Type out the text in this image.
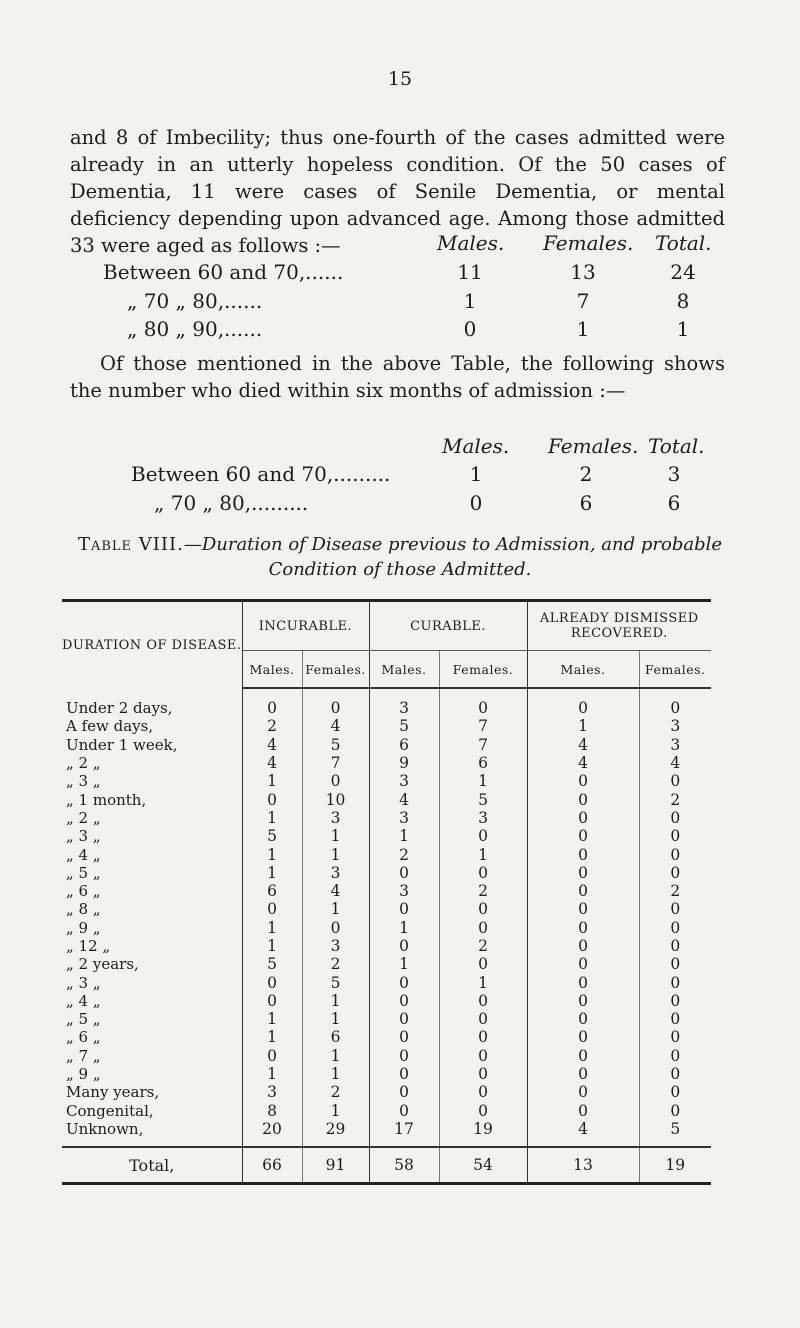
15

and 8 of Imbecility; thus one-fourth of the cases admitted were already in an utterly hopeless condition. Of the 50 cases of Dementia, 11 were cases of Senile Dementia, or mental deficiency depending upon advanced age. Among those admitted 33 were aged as follows :—	Males. Females. Total.
Between 60 and 70,......	11	13	24
„ 70 „ 80,......	1	7	8
„ 80 „ 90,......	0	1	1

Of those mentioned in the above Table, the following shows the number who died within six months of admission :—

Males. Females. Total.
Between 60 and 70,.........	1	2	3
„ 70 „ 80,.........	0	6	6
Table VIII.—Duration of Disease previous to Admission, and probable Condition of those Admitted.
DURATION OF DISEASE.	INCURABLE.		CURABLE.		ALREADY DISMISSED RECOVERED.	
	Males.	Females.	Males.	Females.	Males.	Females.
Under 2 days,	0	0	3	0	0	0
A few days,	2	4	5	7	1	3
Under 1 week,	4	5	6	7	4	3
„ 2 „	4	7	9	6	4	4
„ 3 „	1	0	3	1	0	0
„ 1 month,	0	10	4	5	0	2
„ 2 „	1	3	3	3	0	0
„ 3 „	5	1	1	0	0	0
„ 4 „	1	1	2	1	0	0
„ 5 „	1	3	0	0	0	0
„ 6 „	6	4	3	2	0	2
„ 8 „	0	1	0	0	0	0
„ 9 „	1	0	1	0	0	0
„ 12 „	1	3	0	2	0	0
„ 2 years,	5	2	1	0	0	0
„ 3 „	0	5	0	1	0	0
„ 4 „	0	1	0	0	0	0
„ 5 „	1	1	0	0	0	0
„ 6 „	1	6	0	0	0	0
„ 7 „	0	1	0	0	0	0
„ 9 „	1	1	0	0	0	0
Many years,	3	2	0	0	0	0
Congenital,	8	1	0	0	0	0
Unknown,	20	29	17	19	4	5
Total,	66	91	58	54	13	19
